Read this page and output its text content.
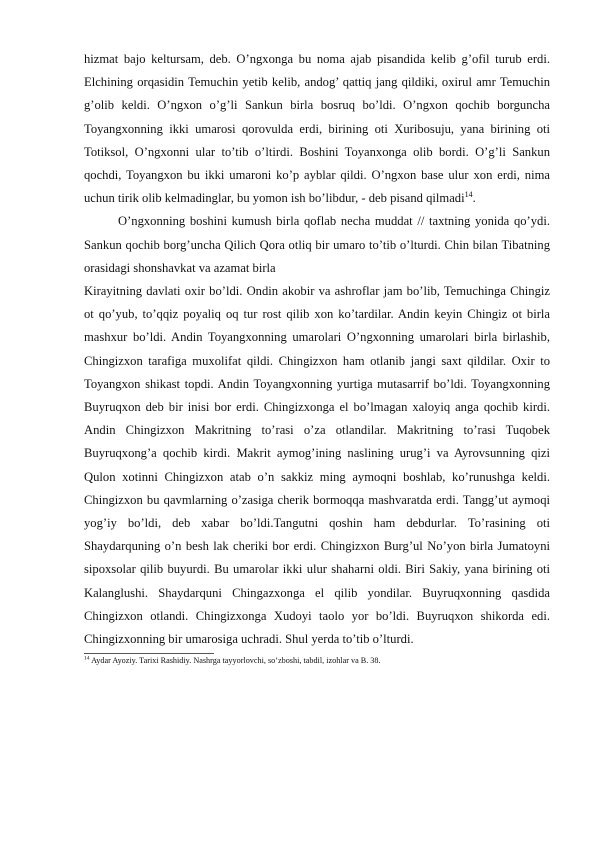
hizmat bajo keltursam, deb. O’ngxonga bu noma ajab pisandida kelib g’ofil turub erdi. Elchining orqasidin Temuchin yetib kelib, andog’ qattiq jang qildiki, oxirul amr Temuchin g’olib keldi. O’ngxon o’g’li Sankun birla bosruq bo’ldi. O’ngxon qochib borguncha Toyangxonning ikki umarosi qorovulda erdi, birining oti Xuribosuju, yana birining oti Totiksol, O’ngxonni ular to’tib o’ltirdi. Boshini Toyanxonga olib bordi. O’g’li Sankun qochdi, Toyangxon bu ikki umaroni ko’p ayblar qildi. O’ngxon base ulur xon erdi, nima uchun tirik olib kelmadinglar, bu yomon ish bo’libdur, - deb pisand qilmadi$^{14}$.

O’ngxonning boshini kumush birla qoflab necha muddat // taxtning yonida qo’ydi. Sankun qochib borg’uncha Qilich Qora otliq bir umaro to’tib o’lturdi. Chin bilan Tibatning orasidagi shonshavkat va azamat birla

Kirayitning davlati oxir bo’ldi. Ondin akobir va ashroflar jam bo’lib, Temuchinga Chingiz ot qo’yub, to’qqiz poyaliq oq tur rost qilib xon ko’tardilar. Andin keyin Chingiz ot birla mashxur bo’ldi. Andin Toyangxonning umarolari O’ngxonning umarolari birla birlashib, Chingizxon tarafiga muxolifat qildi. Chingizxon ham otlanib jangi saxt qildilar. Oxir to Toyangxon shikast topdi. Andin Toyangxonning yurtiga mutasarrif bo’ldi. Toyangxonning Buyruqxon deb bir inisi bor erdi. Chingizxonga el bo’lmagan xaloyiq anga qochib kirdi. Andin Chingizxon Makritning to’rasi o’za otlandilar. Makritning to’rasi Tuqobek Buyruqxong’a qochib kirdi. Makrit aymog’ining naslining urug’i va Ayrovsunning qizi Qulon xotinni Chingizxon atab o’n sakkiz ming aymoqni boshlab, ko’runushga keldi. Chingizxon bu qavmlarning o’zasiga cherik bormoqqa mashvaratda erdi. Tangg’ut aymoqi yog’iy bo’ldi, deb xabar bo’ldi.Tangutni qoshin ham debdurlar. To’rasining oti Shaydarquning o’n besh lak cheriki bor erdi. Chingizxon Burg’ul No’yon birla Jumatoyni sipoxsolar qilib buyurdi. Bu umarolar ikki ulur shaharni oldi. Biri Sakiy, yana birining oti Kalanglushi. Shaydarquni Chingazxonga el qilib yondilar. Buyruqxonning qasdida Chingizxon otlandi. Chingizxonga Xudoyi taolo yor bo’ldi. Buyruqxon shikorda edi. Chingizxonning bir umarosiga uchradi. Shul yerda to’tib o’lturdi.

$^{14}$ Aydar Ayoziy. Tarixi Rashidiy. Nashrga tayyorlovchi, so’zboshi, tabdil, izohlar va B. 38.
